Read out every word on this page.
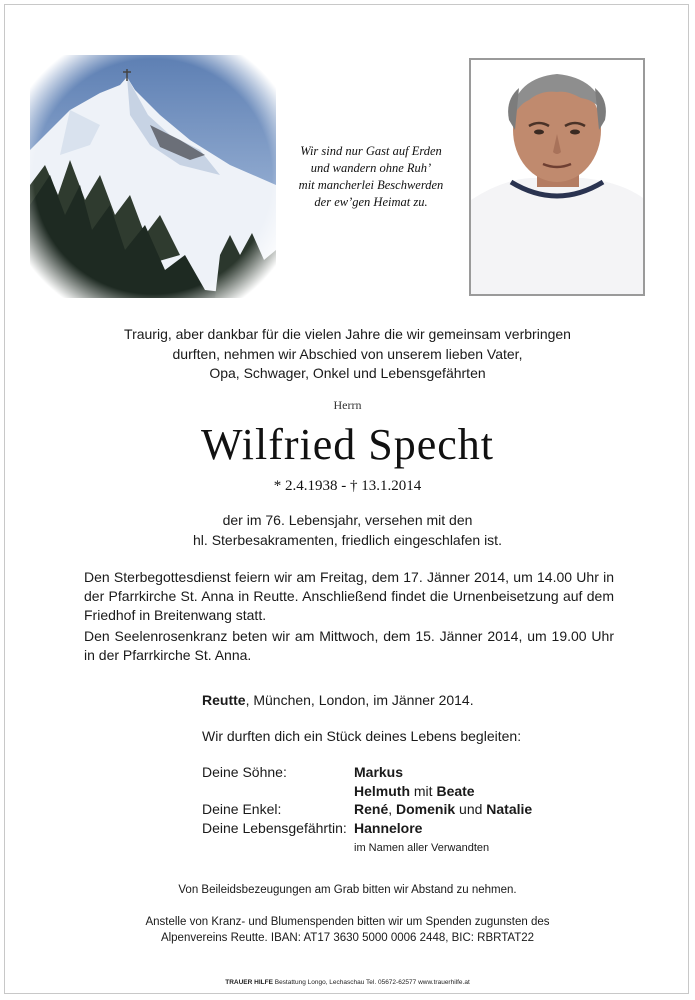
Wir sind nur Gast auf Erden
und wandern ohne Ruh’
mit mancherlei Beschwerden
der ew’gen Heimat zu.
Traurig, aber dankbar für die vielen Jahre die wir gemeinsam verbringen
durften, nehmen wir Abschied von unserem lieben Vater,
Opa, Schwager, Onkel und Lebensgefährten
Herrn
Wilfried Specht
* 2.4.1938 - † 13.1.2014
der im 76. Lebensjahr, versehen mit den
hl. Sterbesakramenten, friedlich eingeschlafen ist.
Den Sterbegottesdienst feiern wir am Freitag, dem 17. Jänner 2014, um 14.00 Uhr in der Pfarrkirche St. Anna in Reutte. Anschließend findet die Urnenbeisetzung auf dem Friedhof in Breitenwang statt.
Den Seelenrosenkranz beten wir am Mittwoch, dem 15. Jänner 2014, um 19.00 Uhr in der Pfarrkirche St. Anna.
Reutte, München, London, im Jänner 2014.
Wir durften dich ein Stück deines Lebens begleiten:
Deine Söhne:	Markus
Helmuth mit Beate
Deine Enkel:	René, Domenik und Natalie
Deine Lebensgefährtin: Hannelore
im Namen aller Verwandten
Von Beileidsbezeugungen am Grab bitten wir Abstand zu nehmen.
Anstelle von Kranz- und Blumenspenden bitten wir um Spenden zugunsten des
Alpenvereins Reutte. IBAN: AT17 3630 5000 0006 2448, BIC: RBRTAT22
TRAUER HILFE Bestattung Longo, Lechaschau Tel. 05672-62577 www.trauerhilfe.at
